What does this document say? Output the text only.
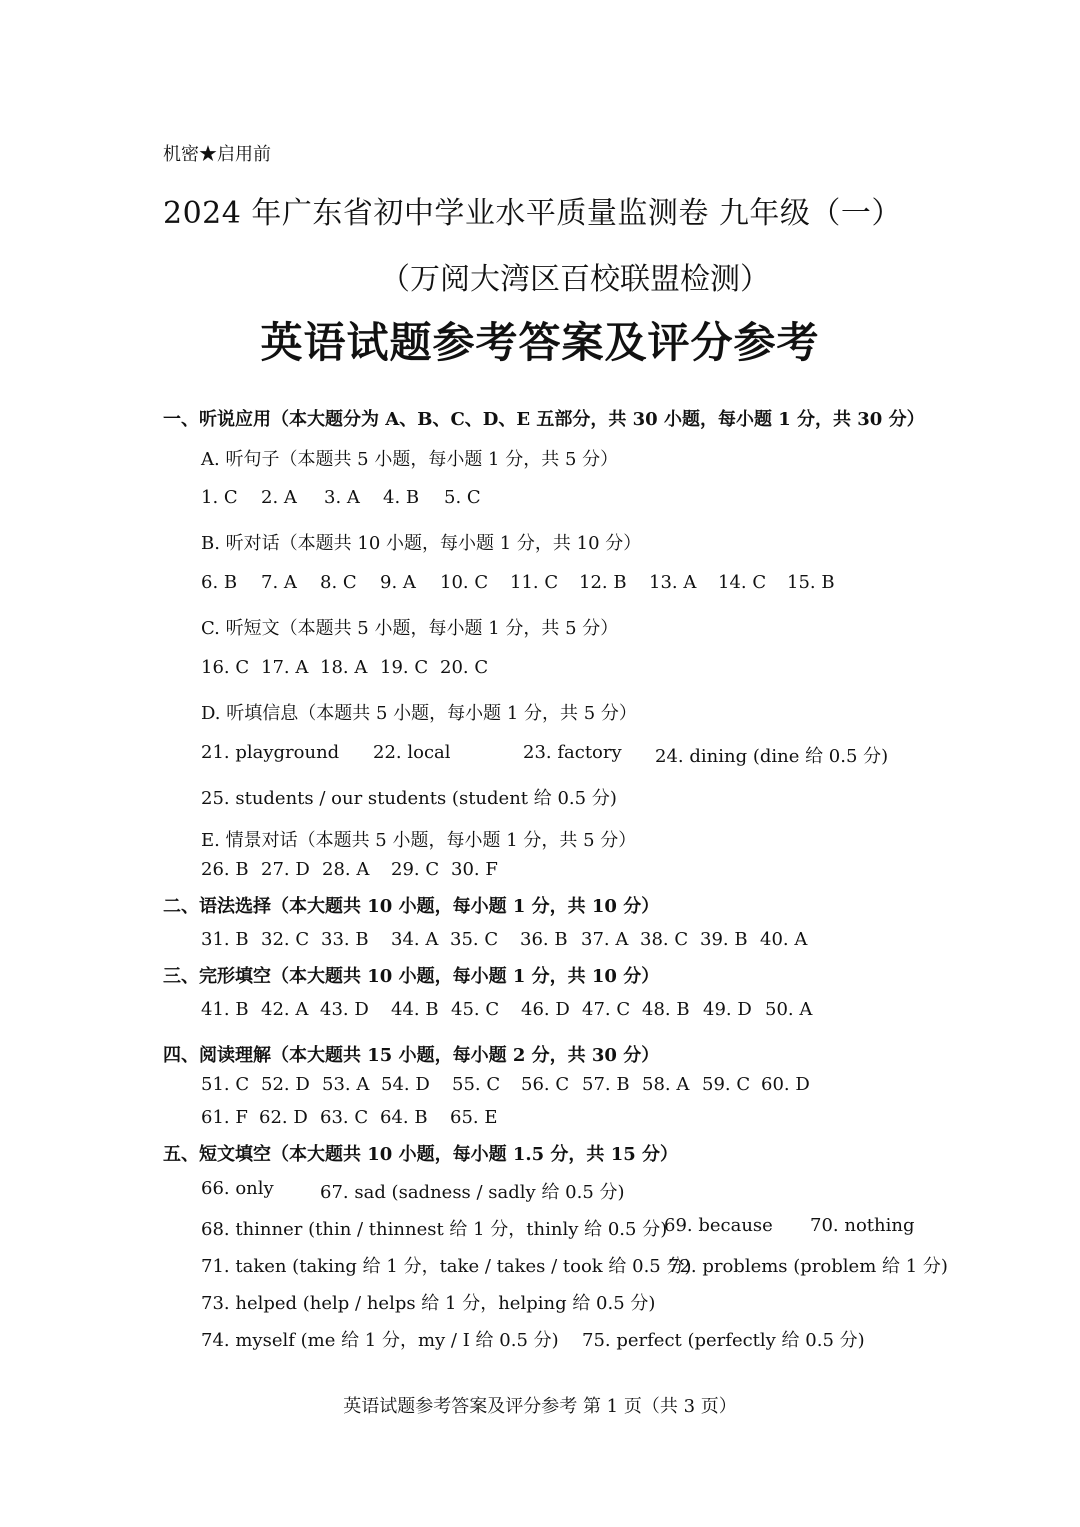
机密★启用前
2024 年广东省初中学业水平质量监测卷 九年级（一）
（万阅大湾区百校联盟检测）
英语试题参考答案及评分参考
一、听说应用（本大题分为 A、B、C、D、E 五部分，共 30 小题，每小题 1 分，共 30 分）
A. 听句子（本题共 5 小题，每小题 1 分，共 5 分）
1. C 2. A 3. A 4. B 5. C
B. 听对话（本题共 10 小题，每小题 1 分，共 10 分）
6. B 7. A 8. C 9. A 10. C 11. C 12. B 13. A 14. C 15. B
C. 听短文（本题共 5 小题，每小题 1 分，共 5 分）
16. C 17. A 18. A 19. C 20. C
D. 听填信息（本题共 5 小题，每小题 1 分，共 5 分）
21. playground 22. local	23. factory 24. dining (dine 给 0.5 分)
25. students / our students (student 给 0.5 分)
E. 情景对话（本题共 5 小题，每小题 1 分，共 5 分）
26. B 27. D 28. A 29. C 30. F
二、语法选择（本大题共 10 小题，每小题 1 分，共 10 分）
31. B 32. C 33. B 34. A 35. C 36. B 37. A 38. C 39. B 40. A
三、完形填空（本大题共 10 小题，每小题 1 分，共 10 分）
41. B 42. A 43. D 44. B 45. C 46. D 47. C 48. B 49. D 50. A
四、阅读理解（本大题共 15 小题，每小题 2 分，共 30 分）
51. C 52. D 53. A 54. D 55. C 56. C 57. B 58. A 59. C 60. D
61. F 62. D 63. C 64. B 65. E
五、短文填空（本大题共 10 小题，每小题 1.5 分，共 15 分）
66. only	67. sad (sadness / sadly 给 0.5 分)
68. thinner (thin / thinnest 给 1 分，thinly 给 0.5 分)
69. because 70. nothing
71. taken (taking 给 1 分，take / takes / took 给 0.5 分)
72. problems (problem 给 1 分)
73. helped (help / helps 给 1 分，helping 给 0.5 分)
74. myself (me 给 1 分，my / I 给 0.5 分) 75. perfect (perfectly 给 0.5 分)
英语试题参考答案及评分参考 第 1 页（共 3 页）
